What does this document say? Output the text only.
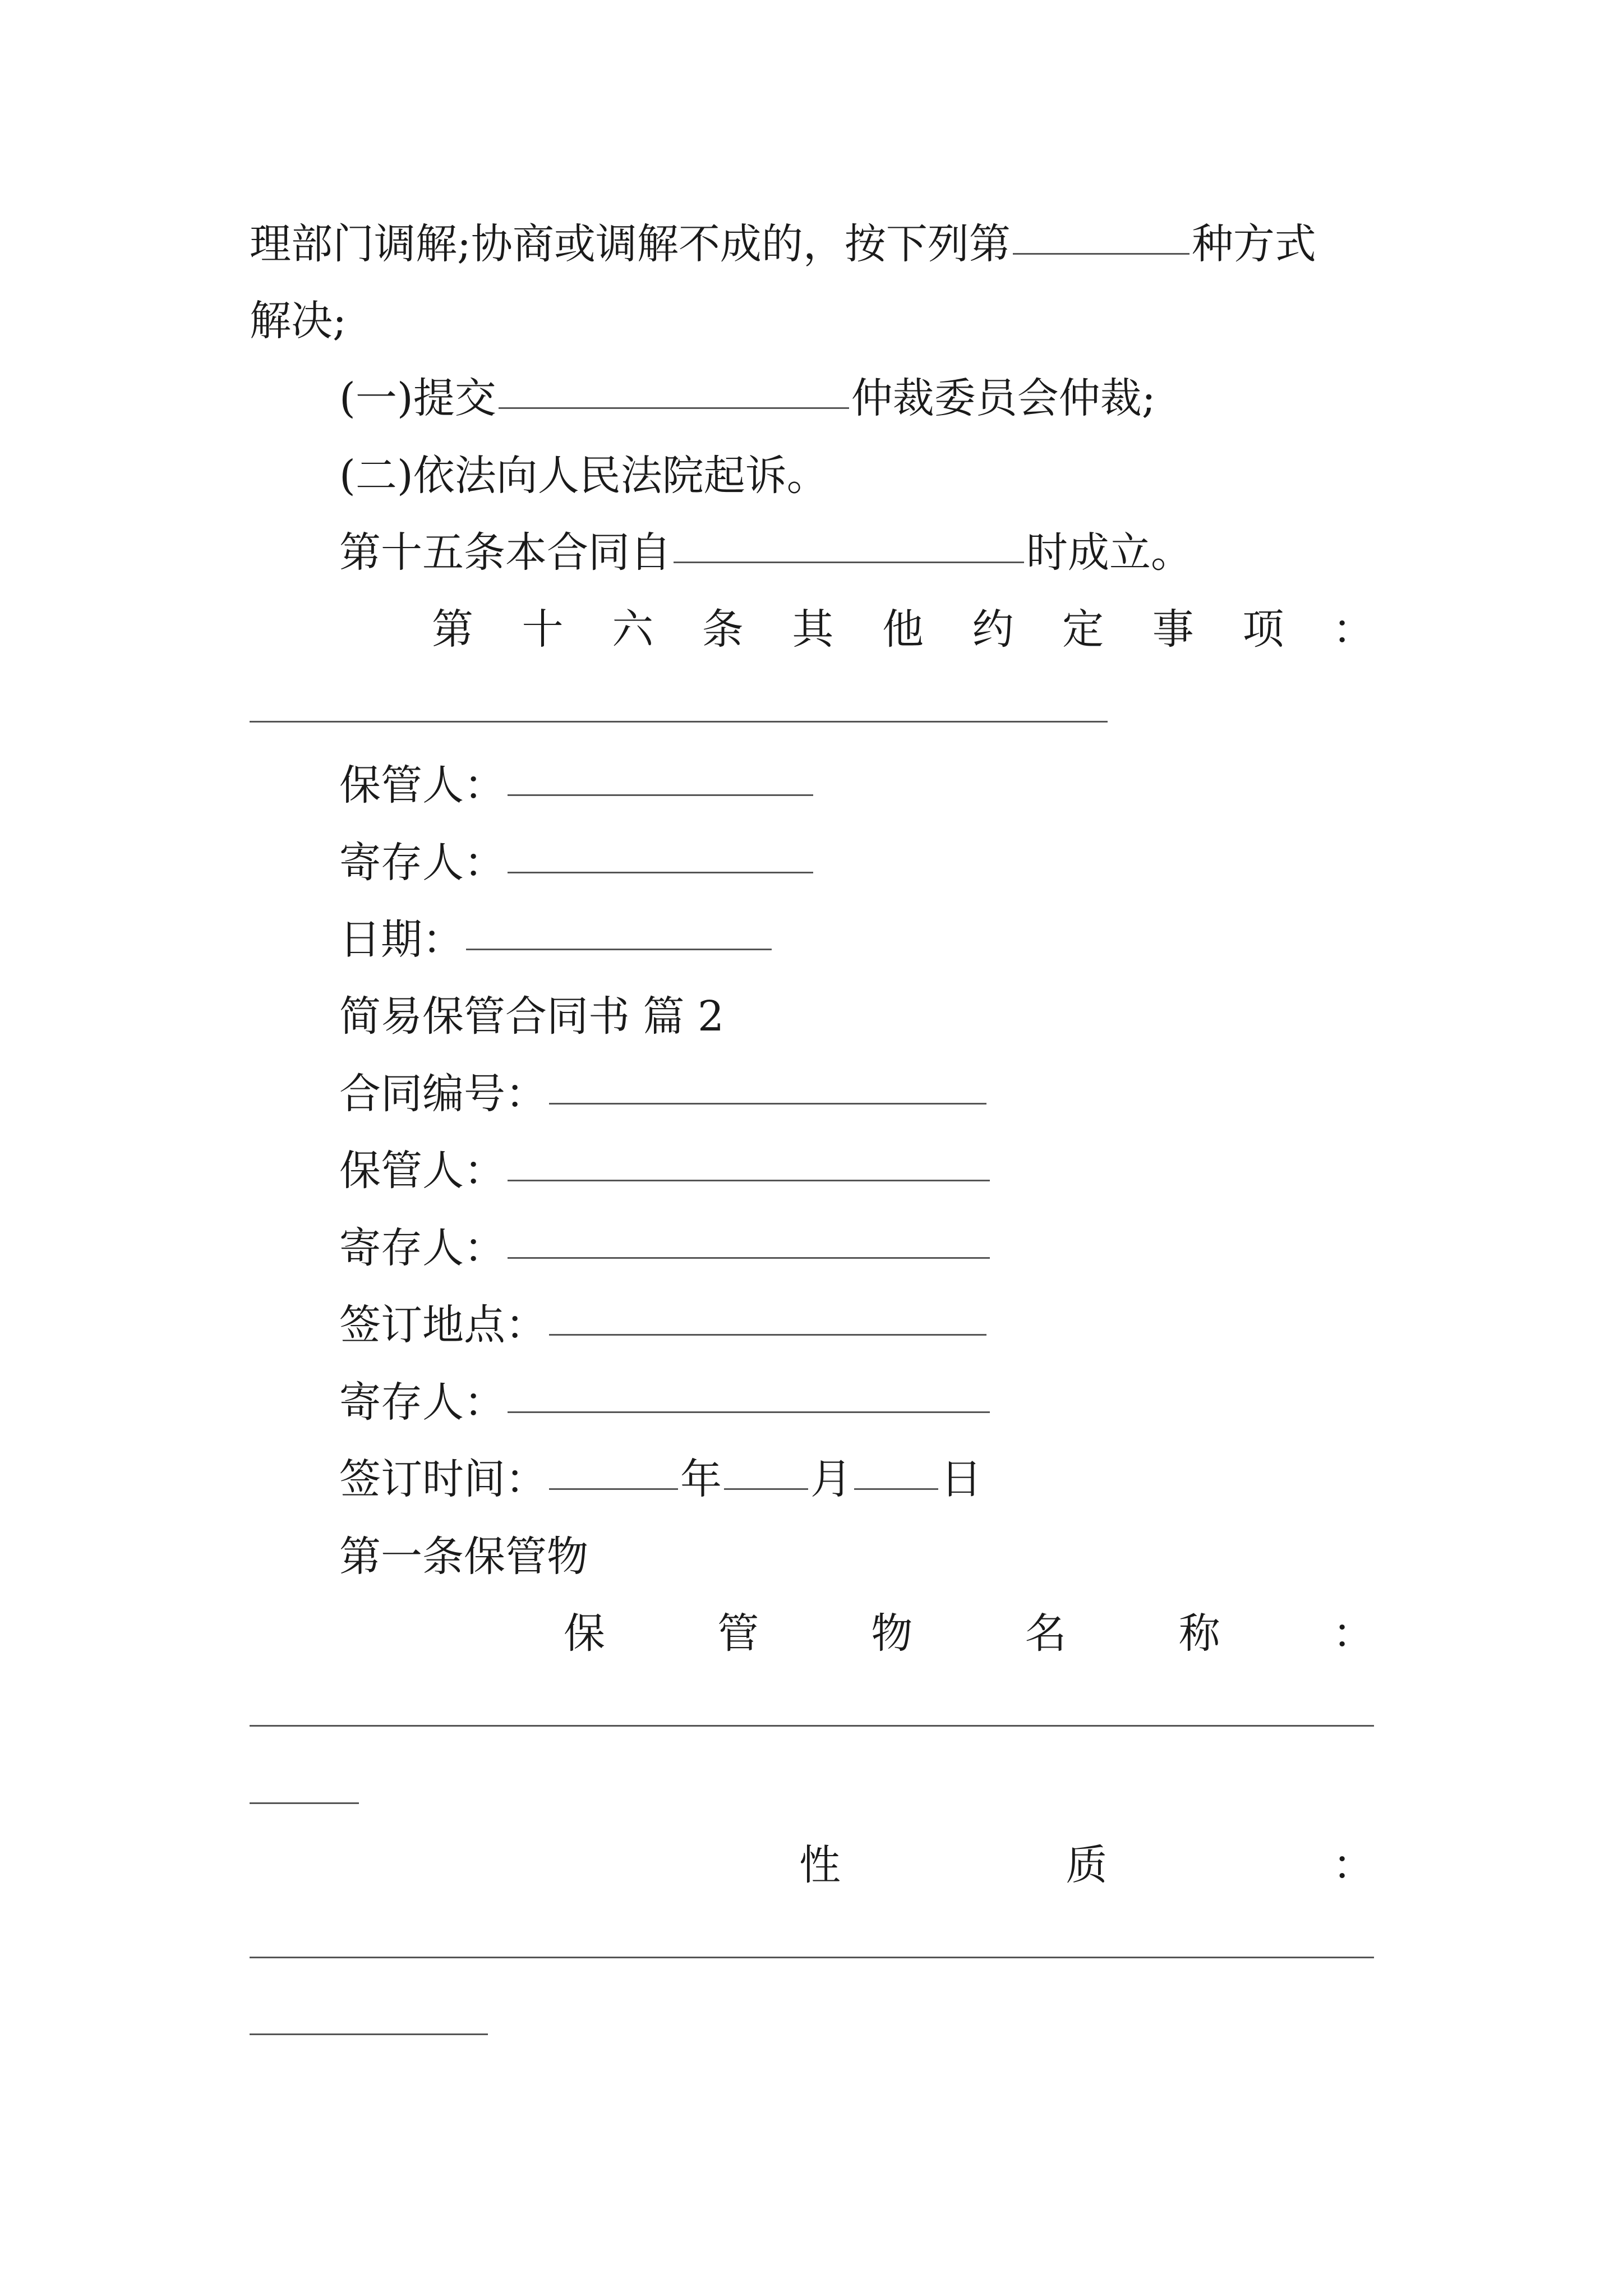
理部门调解;协商或调解不成的，按下列第	种方式
解决;
(一)提交	仲裁委员会仲裁;
(二)依法向人民法院起诉。
第十五条本合同自	时成立。
第 十 六 条 其 他 约 定 事 项 ：
保管人：
寄存人：
日期：
简易保管合同书 篇 2
合同编号：
保管人：
寄存人：
签订地点：
寄存人：
签订时间：	年 月 日
第一条保管物
保	管	物	名	称	：
性	质	：
